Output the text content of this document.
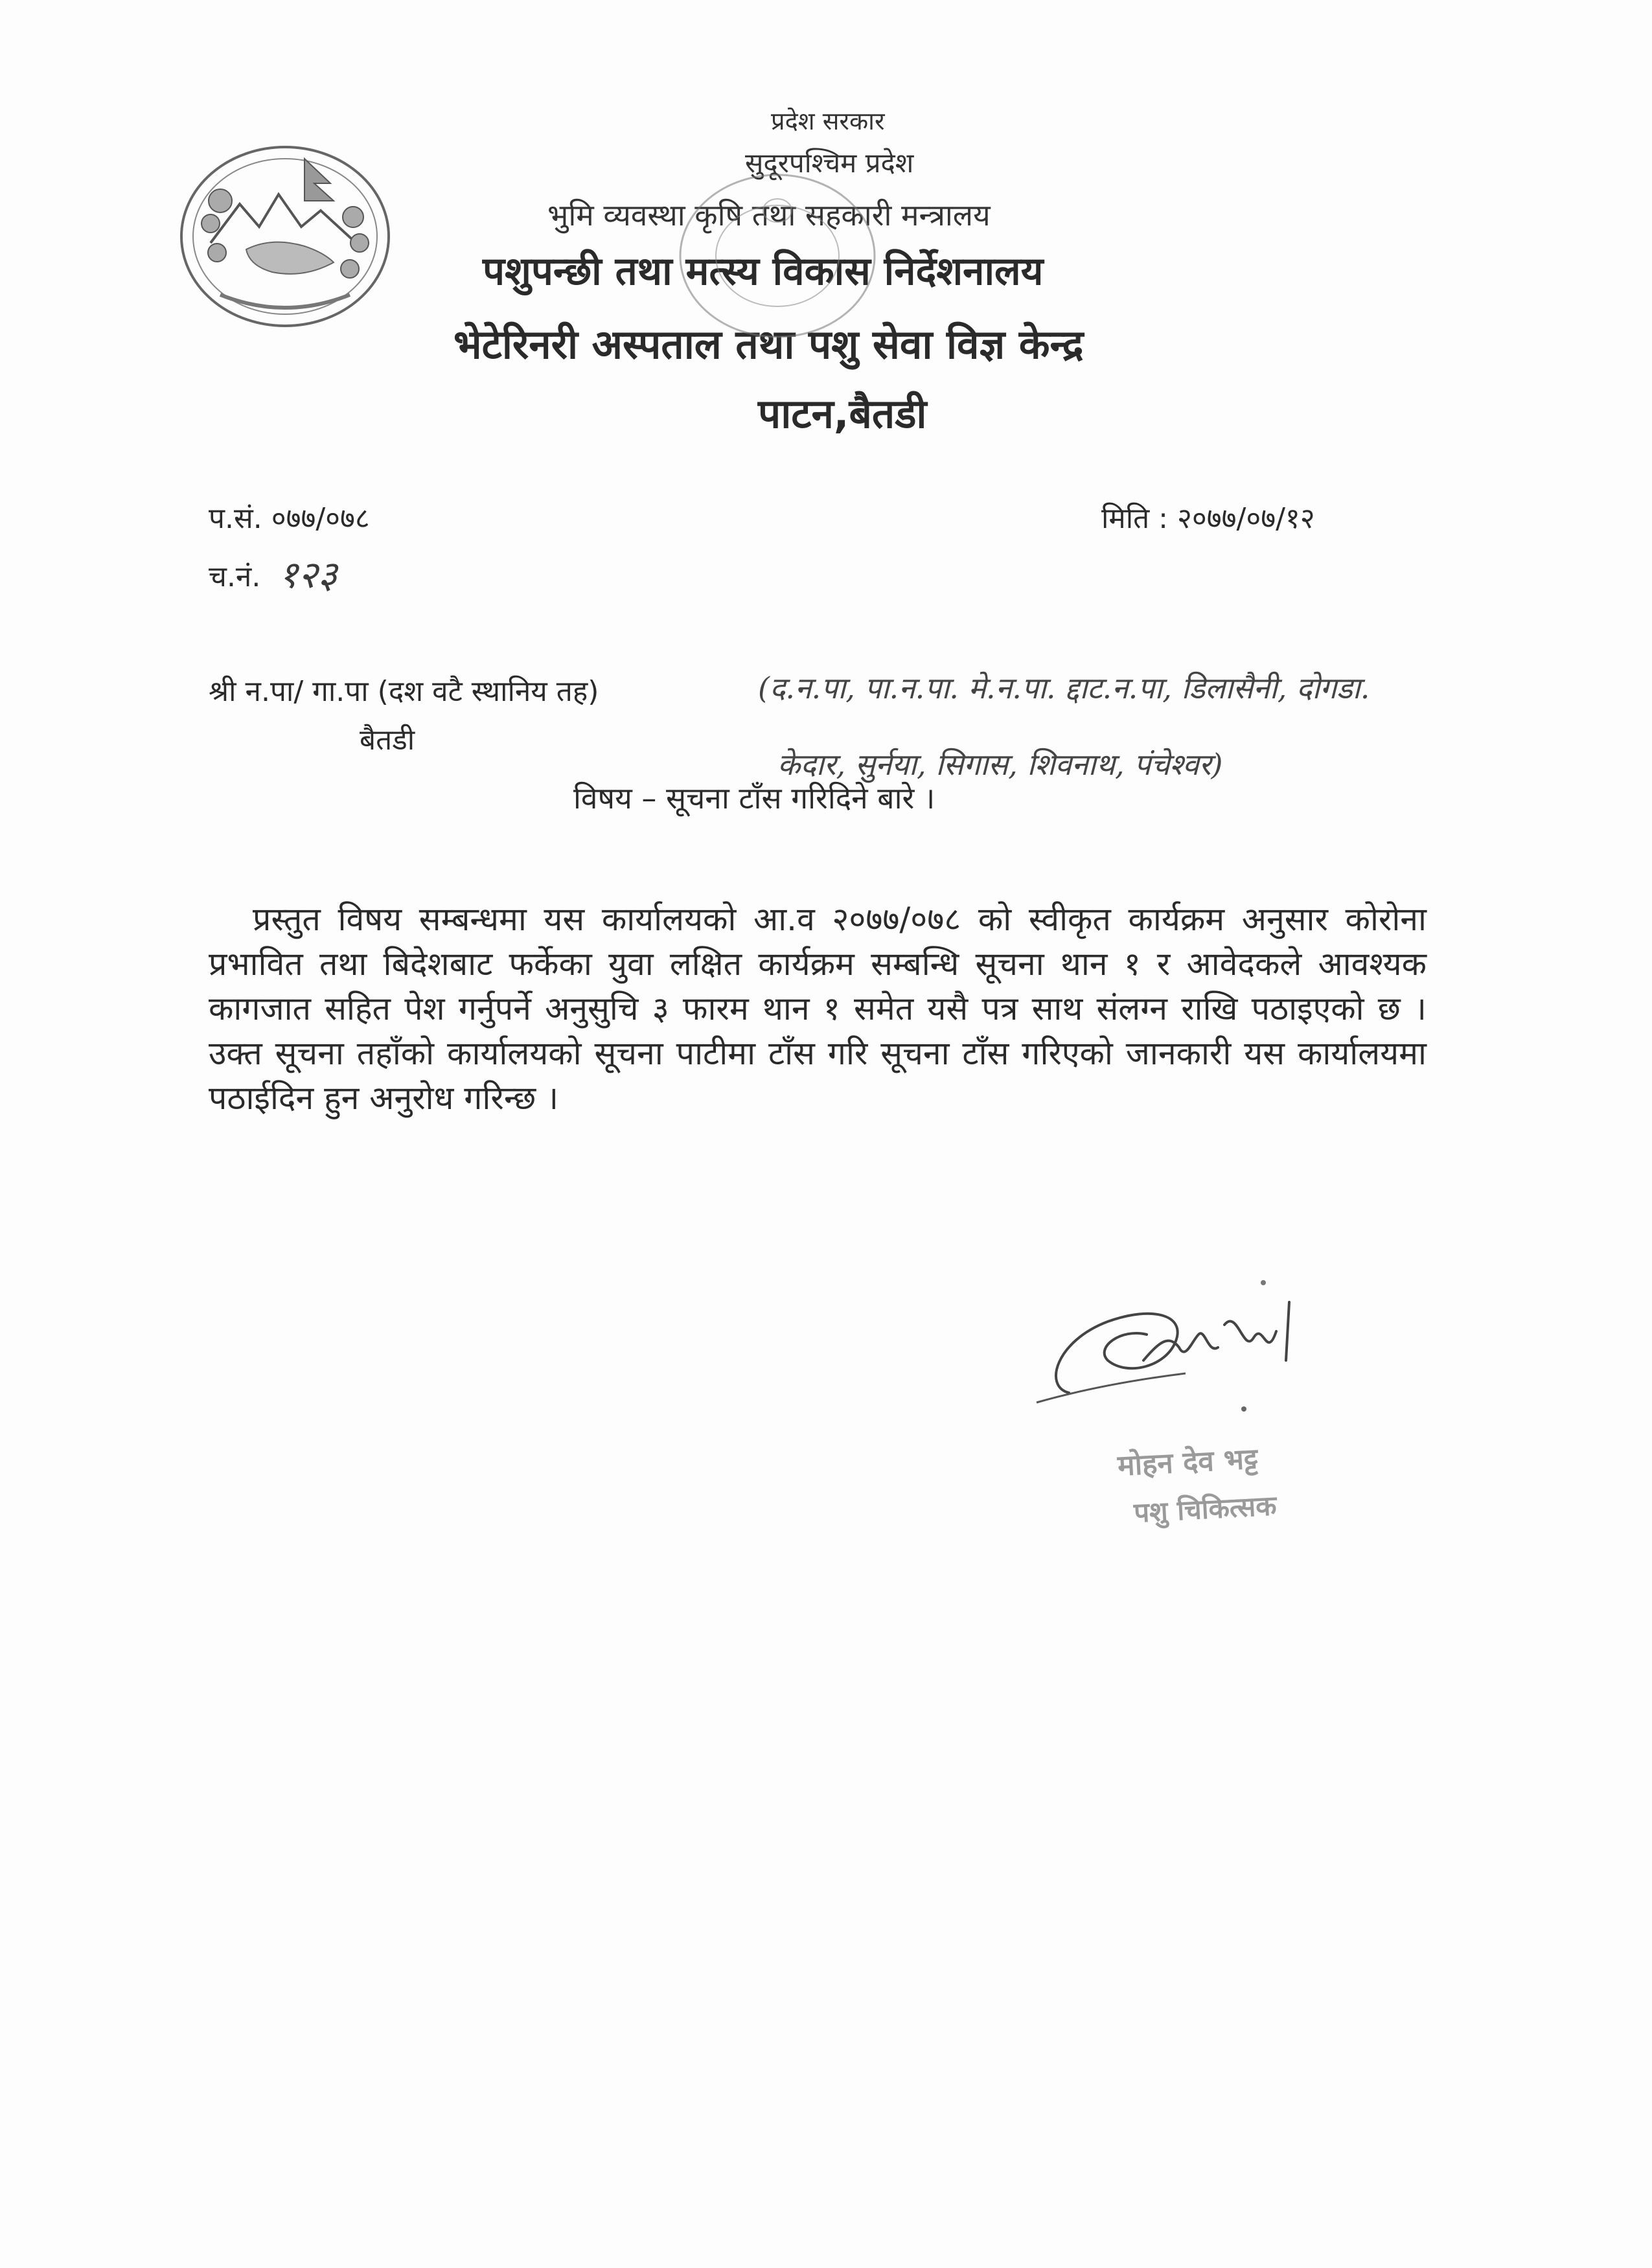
प्रदेश सरकार
सुदूरपश्चिम प्रदेश
भुमि व्यवस्था कृषि तथा सहकारी मन्त्रालय
पशुपन्छी तथा मत्स्य विकास निर्देशनालय
भेटेरिनरी अस्पताल तथा पशु सेवा विज्ञ केन्द्र
पाटन,बैतडी
प.सं. ०७७/०७८	मिति : २०७७/०७/१२
च.नं. १२३
श्री न.पा/ गा.पा (दश वटै स्थानिय तह)
बैतडी
(द.न.पा, पा.न.पा. मे.न.पा. द्दाट.न.पा, डिलासैनी, दोगडा.
केदार, सुर्नया, सिगास, शिवनाथ, पंचेश्वर)
विषय – सूचना टाँस गरिदिने बारे ।
प्रस्तुत विषय सम्बन्धमा यस कार्यालयको आ.व २०७७/०७८ को स्वीकृत कार्यक्रम अनुसार कोरोना प्रभावित तथा बिदेशबाट फर्केका युवा लक्षित कार्यक्रम सम्बन्धि सूचना थान १ र आवेदकले आवश्यक कागजात सहित पेश गर्नुपर्ने अनुसुचि ३ फारम थान १ समेत यसै पत्र साथ संलग्न राखि पठाइएको छ । उक्त सूचना तहाँको कार्यालयको सूचना पाटीमा टाँस गरि सूचना टाँस गरिएको जानकारी यस कार्यालयमा पठाईदिन हुन अनुरोध गरिन्छ ।
मोहन देव भट्ट
पशु चिकित्सक
